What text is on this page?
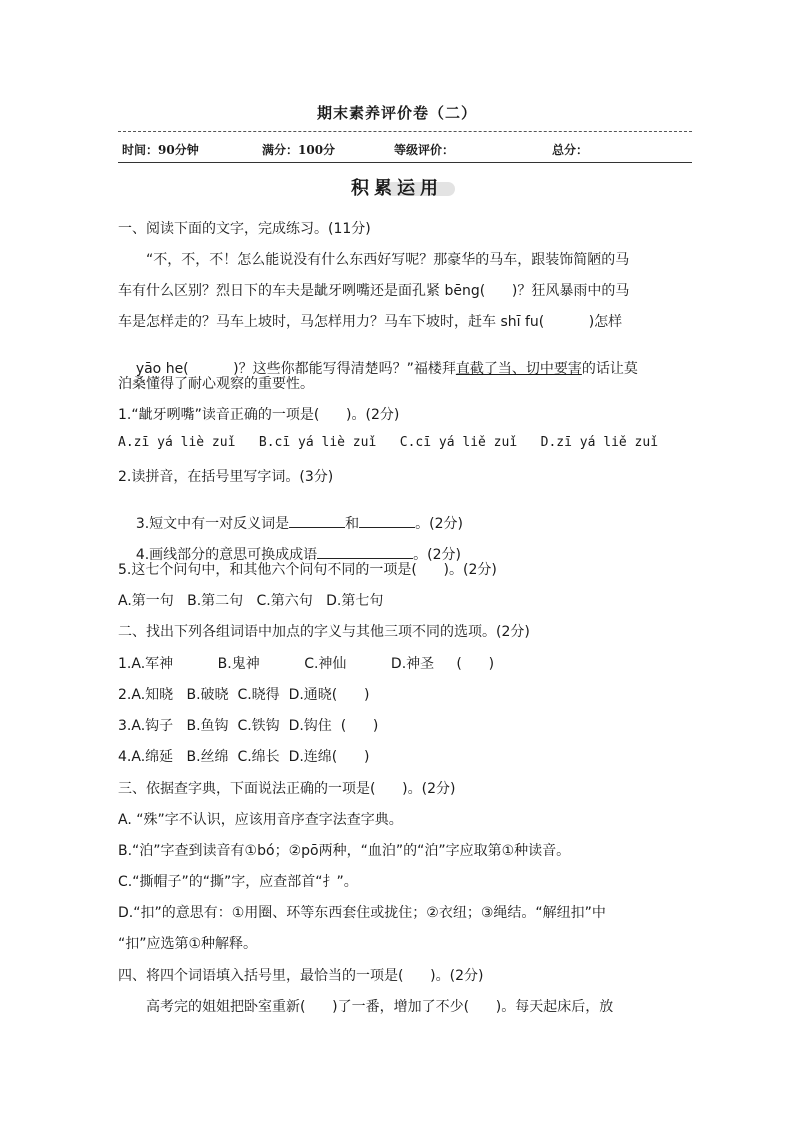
期末素养评价卷（二）
时间：90分钟	满分：100分	等级评价：	总分：
积累运用
一、阅读下面的文字，完成练习。(11分)
“不，不，不！怎么能说没有什么东西好写呢？那豪华的马车，跟装饰简陋的马
车有什么区别？烈日下的车夫是龇牙咧嘴还是面孔紧 bēng(      )？狂风暴雨中的马
车是怎样走的？马车上坡时，马怎样用力？马车下坡时，赶车 shī fu(          )怎样

yāo he(          )？这些你都能写得清楚吗？”福楼拜直截了当、切中要害的话让莫

泊桑懂得了耐心观察的重要性。
1.“龇牙咧嘴”读音正确的一项是(      )。(2分)
A.zī yá liè zuǐ   B.cī yá liè zuǐ   C.cī yá liě zuǐ   D.zī yá liě zuǐ
2.读拼音，在括号里写字词。(3分)

3.短文中有一对反义词是	和	。(2分)

4.画线部分的意思可换成成语	。(2分)

5.这七个问句中，和其他六个问句不同的一项是(      )。(2分)
A.第一句   B.第二句   C.第六句   D.第七句
二、找出下列各组词语中加点的字义与其他三项不同的选项。(2分)
1.A.军神          B.鬼神          C.神仙          D.神圣     (      )
2.A.知晓   B.破晓  C.晓得  D.通晓(      )
3.A.钩子   B.鱼钩  C.铁钩  D.钩住  (      )
4.A.绵延   B.丝绵  C.绵长  D.连绵(      )
三、依据查字典，下面说法正确的一项是(      )。(2分)
A. “殊”字不认识，应该用音序查字法查字典。
B.“泊”字查到读音有①bó；②pō两种，“血泊”的“泊”字应取第①种读音。
C.“撕帽子”的“撕”字，应查部首“扌”。
D.“扣”的意思有：①用圈、环等东西套住或拢住；②衣纽；③绳结。“解纽扣”中
“扣”应选第①种解释。
四、将四个词语填入括号里，最恰当的一项是(      )。(2分)
高考完的姐姐把卧室重新(      )了一番，增加了不少(      )。每天起床后，放
